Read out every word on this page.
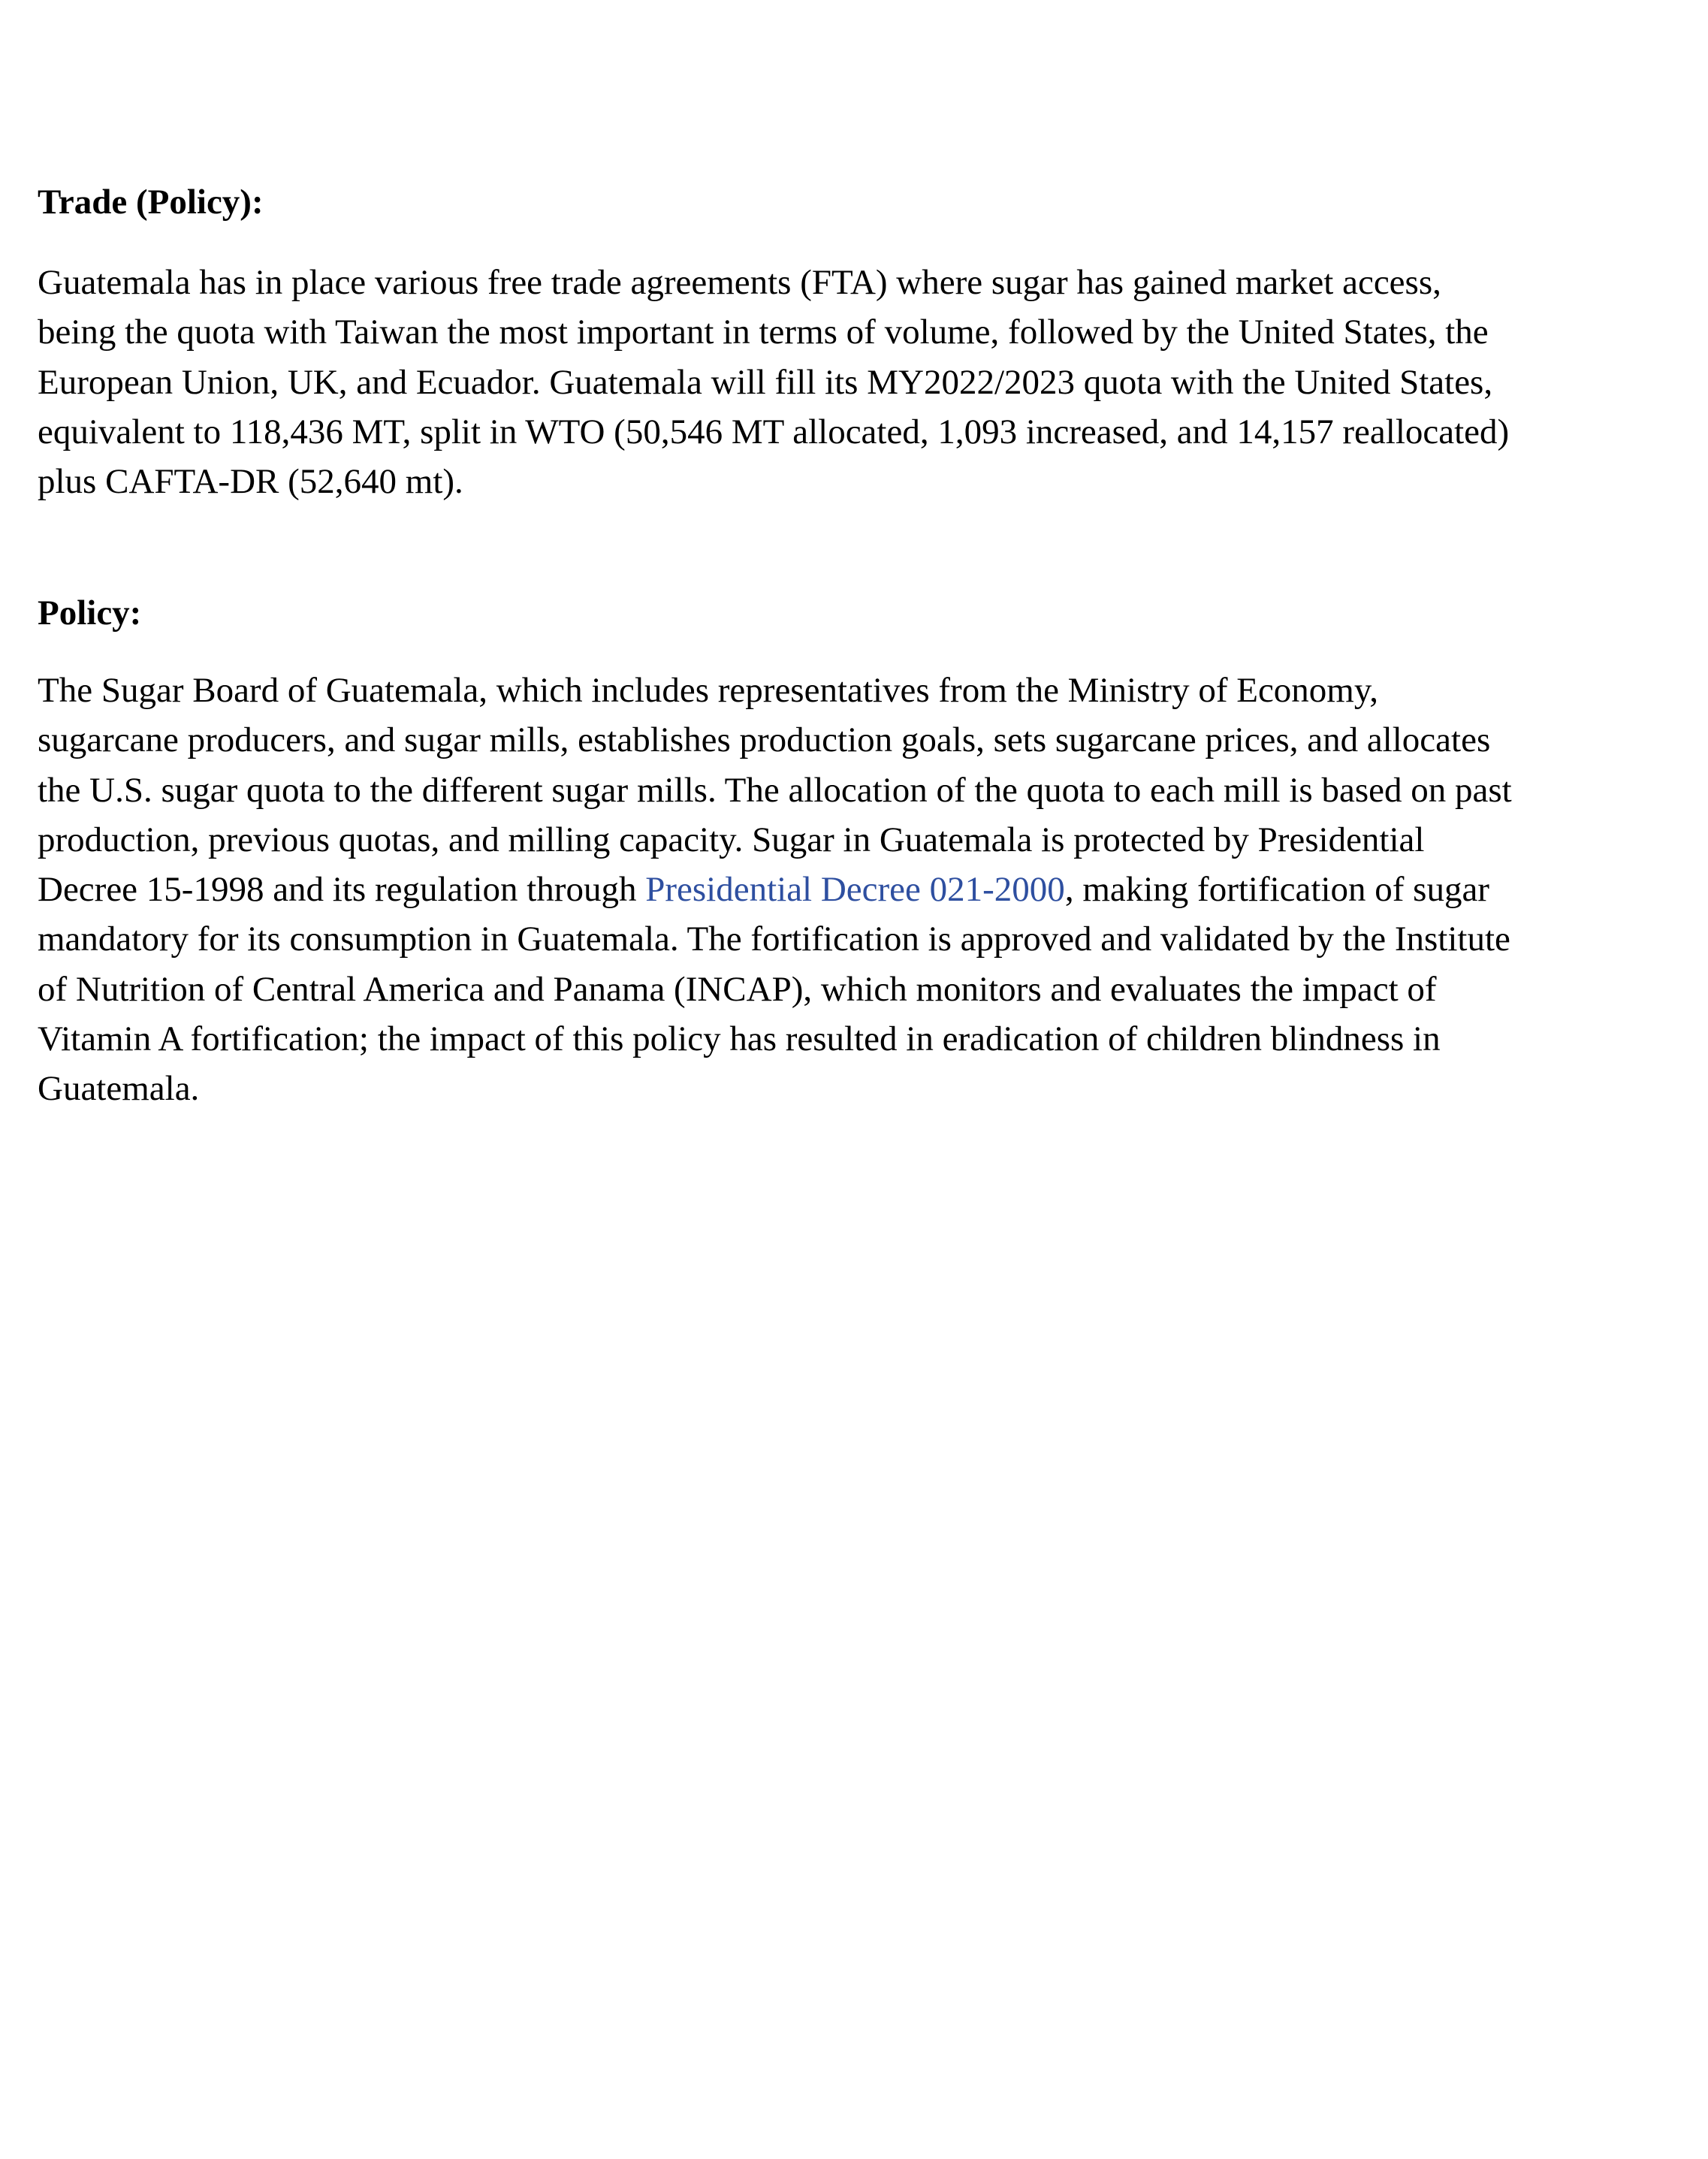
Trade (Policy):
Guatemala has in place various free trade agreements (FTA) where sugar has gained market access,
being the quota with Taiwan the most important in terms of volume, followed by the United States, the
European Union, UK, and Ecuador. Guatemala will fill its MY2022/2023 quota with the United States,
equivalent to 118,436 MT, split in WTO (50,546 MT allocated, 1,093 increased, and 14,157 reallocated)
plus CAFTA-DR (52,640 mt).
Policy:
The Sugar Board of Guatemala, which includes representatives from the Ministry of Economy,
sugarcane producers, and sugar mills, establishes production goals, sets sugarcane prices, and allocates
the U.S. sugar quota to the different sugar mills. The allocation of the quota to each mill is based on past
production, previous quotas, and milling capacity. Sugar in Guatemala is protected by Presidential
Decree 15-1998 and its regulation through Presidential Decree 021-2000, making fortification of sugar
mandatory for its consumption in Guatemala. The fortification is approved and validated by the Institute
of Nutrition of Central America and Panama (INCAP), which monitors and evaluates the impact of
Vitamin A fortification; the impact of this policy has resulted in eradication of children blindness in
Guatemala.
